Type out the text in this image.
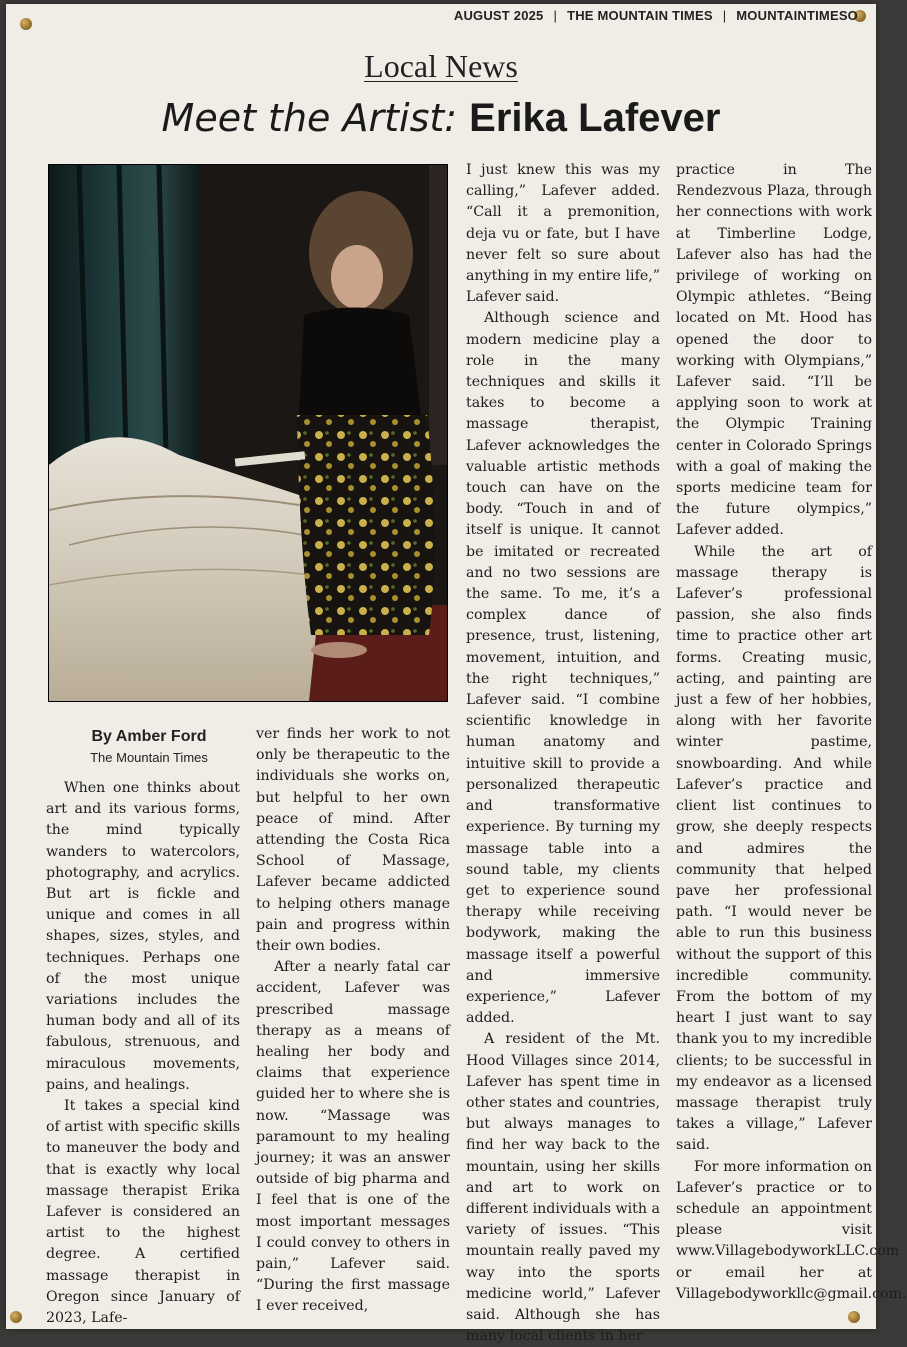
AUGUST 2025 | THE MOUNTAIN TIMES | MOUNTAINTIMESO
Local News
Meet the Artist: Erika Lafever
By Amber Ford
The Mountain Times

When one thinks about art and its various forms, the mind typically wanders to watercolors, photography, and acrylics. But art is fickle and unique and comes in all shapes, sizes, styles, and techniques. Perhaps one of the most unique variations includes the human body and all of its fabulous, strenuous, and miraculous movements, pains, and healings.

It takes a special kind of artist with specific skills to maneuver the body and that is exactly why local massage therapist Erika Lafever is considered an artist to the highest degree. A certified massage therapist in Oregon since January of 2023, Lafe-

ver finds her work to not only be therapeutic to the individuals she works on, but helpful to her own peace of mind. After attending the Costa Rica School of Massage, Lafever became addicted to helping others manage pain and progress within their own bodies.

After a nearly fatal car accident, Lafever was prescribed massage therapy as a means of healing her body and claims that experience guided her to where she is now. “Massage was paramount to my healing journey; it was an answer outside of big pharma and I feel that is one of the most important messages I could convey to others in pain,” Lafever said. “During the first massage I ever received,

I just knew this was my calling,” Lafever added. “Call it a premonition, deja vu or fate, but I have never felt so sure about anything in my entire life,” Lafever said.

Although science and modern medicine play a role in the many techniques and skills it takes to become a massage therapist, Lafever acknowledges the valuable artistic methods touch can have on the body. “Touch in and of itself is unique. It cannot be imitated or recreated and no two sessions are the same. To me, it’s a complex dance of presence, trust, listening, movement, intuition, and the right techniques,” Lafever said. “I combine scientific knowledge in human anatomy and intuitive skill to provide a personalized therapeutic and transformative experience. By turning my massage table into a sound table, my clients get to experience sound therapy while receiving bodywork, making the massage itself a powerful and immersive experience,” Lafever added.

A resident of the Mt. Hood Villages since 2014, Lafever has spent time in other states and countries, but always manages to find her way back to the mountain, using her skills and art to work on different individuals with a variety of issues. “This mountain really paved my way into the sports medicine world,” Lafever said. Although she has many local clients in her

practice in The Rendezvous Plaza, through her connections with work at Timberline Lodge, Lafever also has had the privilege of working on Olympic athletes. “Being located on Mt. Hood has opened the door to working with Olympians,” Lafever said. “I’ll be applying soon to work at the Olympic Training center in Colorado Springs with a goal of making the sports medicine team for the future olympics,” Lafever added.

While the art of massage therapy is Lafever’s professional passion, she also finds time to practice other art forms. Creating music, acting, and painting are just a few of her hobbies, along with her favorite winter pastime, snowboarding. And while Lafever’s practice and client list continues to grow, she deeply respects and admires the community that helped pave her professional path. “I would never be able to run this business without the support of this incredible community. From the bottom of my heart I just want to say thank you to my incredible clients; to be successful in my endeavor as a licensed massage therapist truly takes a village,” Lafever said.

For more information on Lafever’s practice or to schedule an appointment please visit www.VillagebodyworkLLC.com or email her at Villagebodyworkllc@gmail.com.
